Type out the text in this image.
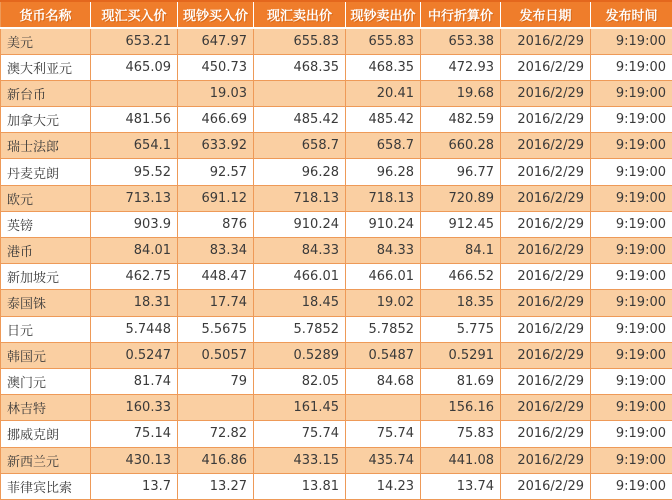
货币名称	现汇买入价	现钞买入价	现汇卖出价	现钞卖出价	中行折算价	发布日期	发布时间
美元	653.21	647.97	655.83	655.83	653.38	2016/2/29	9:19:00
澳大利亚元	465.09	450.73	468.35	468.35	472.93	2016/2/29	9:19:00
新台币		19.03		20.41	19.68	2016/2/29	9:19:00
加拿大元	481.56	466.69	485.42	485.42	482.59	2016/2/29	9:19:00
瑞士法郎	654.1	633.92	658.7	658.7	660.28	2016/2/29	9:19:00
丹麦克朗	95.52	92.57	96.28	96.28	96.77	2016/2/29	9:19:00
欧元	713.13	691.12	718.13	718.13	720.89	2016/2/29	9:19:00
英镑	903.9	876	910.24	910.24	912.45	2016/2/29	9:19:00
港币	84.01	83.34	84.33	84.33	84.1	2016/2/29	9:19:00
新加坡元	462.75	448.47	466.01	466.01	466.52	2016/2/29	9:19:00
泰国铢	18.31	17.74	18.45	19.02	18.35	2016/2/29	9:19:00
日元	5.7448	5.5675	5.7852	5.7852	5.775	2016/2/29	9:19:00
韩国元	0.5247	0.5057	0.5289	0.5487	0.5291	2016/2/29	9:19:00
澳门元	81.74	79	82.05	84.68	81.69	2016/2/29	9:19:00
林吉特	160.33		161.45		156.16	2016/2/29	9:19:00
挪威克朗	75.14	72.82	75.74	75.74	75.83	2016/2/29	9:19:00
新西兰元	430.13	416.86	433.15	435.74	441.08	2016/2/29	9:19:00
菲律宾比索	13.7	13.27	13.81	14.23	13.74	2016/2/29	9:19:00
